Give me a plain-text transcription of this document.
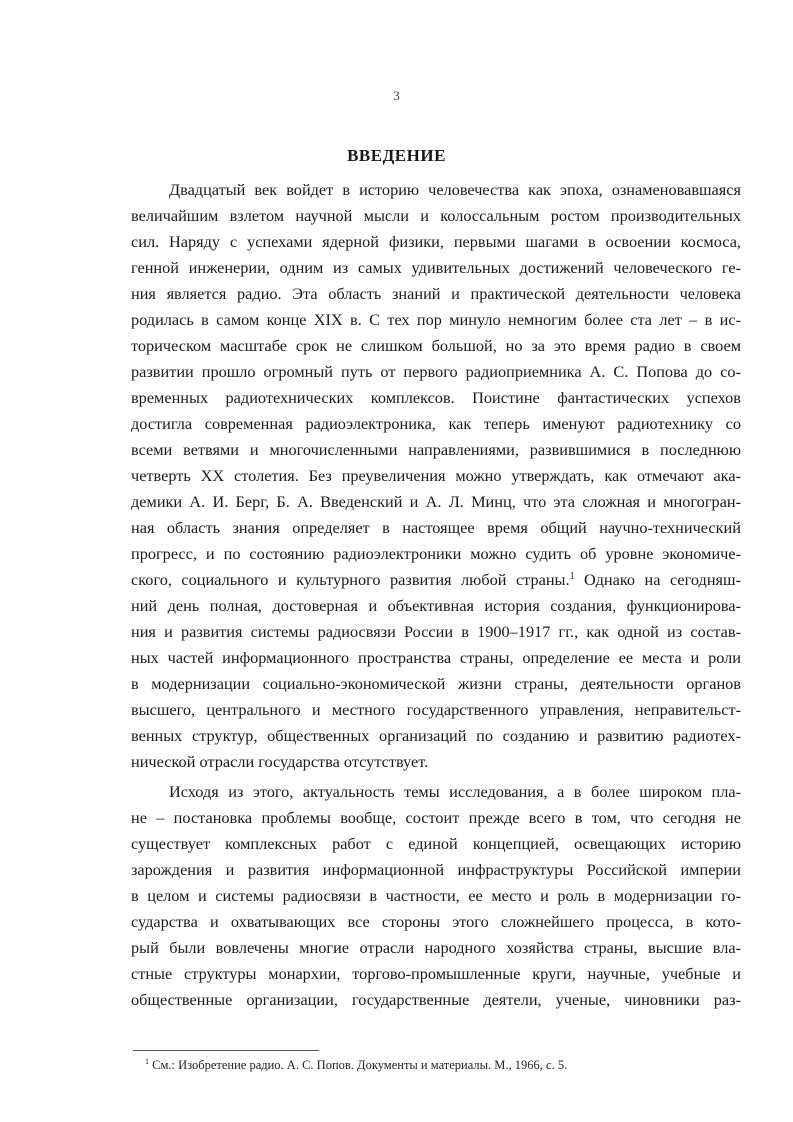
3
ВВЕДЕНИЕ
Двадцатый век войдет в историю человечества как эпоха, ознаменовавшаяся
величайшим взлетом научной мысли и колоссальным ростом производительных
сил. Наряду с успехами ядерной физики, первыми шагами в освоении космоса,
генной инженерии, одним из самых удивительных достижений человеческого ге-
ния является радио. Эта область знаний и практической деятельности человека
родилась в самом конце XIX в. С тех пор минуло немногим более ста лет – в ис-
торическом масштабе срок не слишком большой, но за это время радио в своем
развитии прошло огромный путь от первого радиоприемника А. С. Попова до со-
временных радиотехнических комплексов. Поистине фантастических успехов
достигла современная радиоэлектроника, как теперь именуют радиотехнику со
всеми ветвями и многочисленными направлениями, развившимися в последнюю
четверть XX столетия. Без преувеличения можно утверждать, как отмечают ака-
демики А. И. Берг, Б. А. Введенский и А. Л. Минц, что эта сложная и многогран-
ная область знания определяет в настоящее время общий научно-технический
прогресс, и по состоянию радиоэлектроники можно судить об уровне экономиче-
ского, социального и культурного развития любой страны.$^1$ Однако на сегодняш-
ний день полная, достоверная и объективная история создания, функционирова-
ния и развития системы радиосвязи России в 1900–1917 гг., как одной из состав-
ных частей информационного пространства страны, определение ее места и роли
в модернизации социально-экономической жизни страны, деятельности органов
высшего, центрального и местного государственного управления, неправительст-
венных структур, общественных организаций по созданию и развитию радиотех-
нической отрасли государства отсутствует.
Исходя из этого, актуальность темы исследования, а в более широком пла-
не – постановка проблемы вообще, состоит прежде всего в том, что сегодня не
существует комплексных работ с единой концепцией, освещающих историю
зарождения и развития информационной инфраструктуры Российской империи
в целом и системы радиосвязи в частности, ее место и роль в модернизации го-
сударства и охватывающих все стороны этого сложнейшего процесса, в кото-
рый были вовлечены многие отрасли народного хозяйства страны, высшие вла-
стные структуры монархии, торгово-промышленные круги, научные, учебные и
общественные организации, государственные деятели, ученые, чиновники раз-
$^1$ См.: Изобретение радио. А. С. Попов. Документы и материалы. М., 1966, с. 5.
